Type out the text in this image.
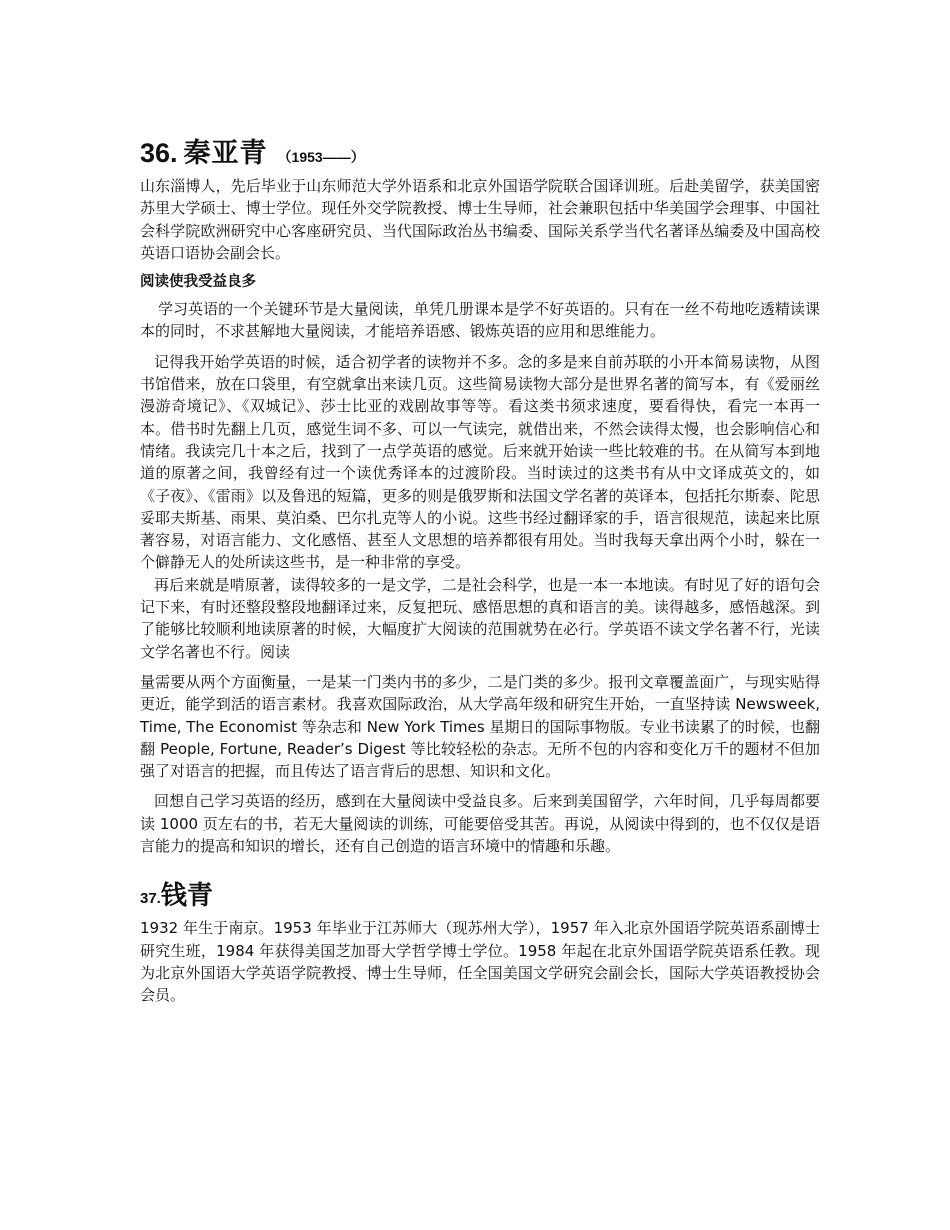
36. 秦亚青 （1953——）

山东淄博人，先后毕业于山东师范大学外语系和北京外国语学院联合国译训班。后赴美留学，获美国密苏里大学硕士、博士学位。现任外交学院教授、博士生导师，社会兼职包括中华美国学会理事、中国社会科学院欧洲研究中心客座研究员、当代国际政治丛书编委、国际关系学当代名著译丛编委及中国高校英语口语协会副会长。

阅读使我受益良多

学习英语的一个关键环节是大量阅读，单凭几册课本是学不好英语的。只有在一丝不苟地吃透精读课本的同时，不求甚解地大量阅读，才能培养语感、锻炼英语的应用和思维能力。

记得我开始学英语的时候，适合初学者的读物并不多。念的多是来自前苏联的小开本简易读物，从图书馆借来，放在口袋里，有空就拿出来读几页。这些简易读物大部分是世界名著的简写本，有《爱丽丝漫游奇境记》、《双城记》、莎士比亚的戏剧故事等等。看这类书须求速度，要看得快，看完一本再一本。借书时先翻上几页，感觉生词不多、可以一气读完，就借出来，不然会读得太慢，也会影响信心和情绪。我读完几十本之后，找到了一点学英语的感觉。后来就开始读一些比较难的书。在从简写本到地道的原著之间，我曾经有过一个读优秀译本的过渡阶段。当时读过的这类书有从中文译成英文的，如《子夜》、《雷雨》以及鲁迅的短篇，更多的则是俄罗斯和法国文学名著的英译本，包括托尔斯泰、陀思妥耶夫斯基、雨果、莫泊桑、巴尔扎克等人的小说。这些书经过翻译家的手，语言很规范，读起来比原著容易，对语言能力、文化感悟、甚至人文思想的培养都很有用处。当时我每天拿出两个小时，躲在一个僻静无人的处所读这些书，是一种非常的享受。

再后来就是啃原著，读得较多的一是文学，二是社会科学，也是一本一本地读。有时见了好的语句会记下来，有时还整段整段地翻译过来，反复把玩、感悟思想的真和语言的美。读得越多，感悟越深。到了能够比较顺利地读原著的时候，大幅度扩大阅读的范围就势在必行。学英语不读文学名著不行，光读文学名著也不行。阅读

量需要从两个方面衡量，一是某一门类内书的多少，二是门类的多少。报刊文章覆盖面广，与现实贴得更近，能学到活的语言素材。我喜欢国际政治，从大学高年级和研究生开始，一直坚持读 Newsweek, Time, The Economist 等杂志和 New York Times 星期日的国际事物版。专业书读累了的时候，也翻翻 People, Fortune, Reader’s Digest 等比较轻松的杂志。无所不包的内容和变化万千的题材不但加强了对语言的把握，而且传达了语言背后的思想、知识和文化。

回想自己学习英语的经历，感到在大量阅读中受益良多。后来到美国留学，六年时间，几乎每周都要读 1000 页左右的书，若无大量阅读的训练，可能要倍受其苦。再说，从阅读中得到的，也不仅仅是语言能力的提高和知识的增长，还有自己创造的语言环境中的情趣和乐趣。

37. 钱青

1932 年生于南京。1953 年毕业于江苏师大（现苏州大学），1957 年入北京外国语学院英语系副博士研究生班，1984 年获得美国芝加哥大学哲学博士学位。1958 年起在北京外国语学院英语系任教。现为北京外国语大学英语学院教授、博士生导师，任全国美国文学研究会副会长，国际大学英语教授协会会员。
